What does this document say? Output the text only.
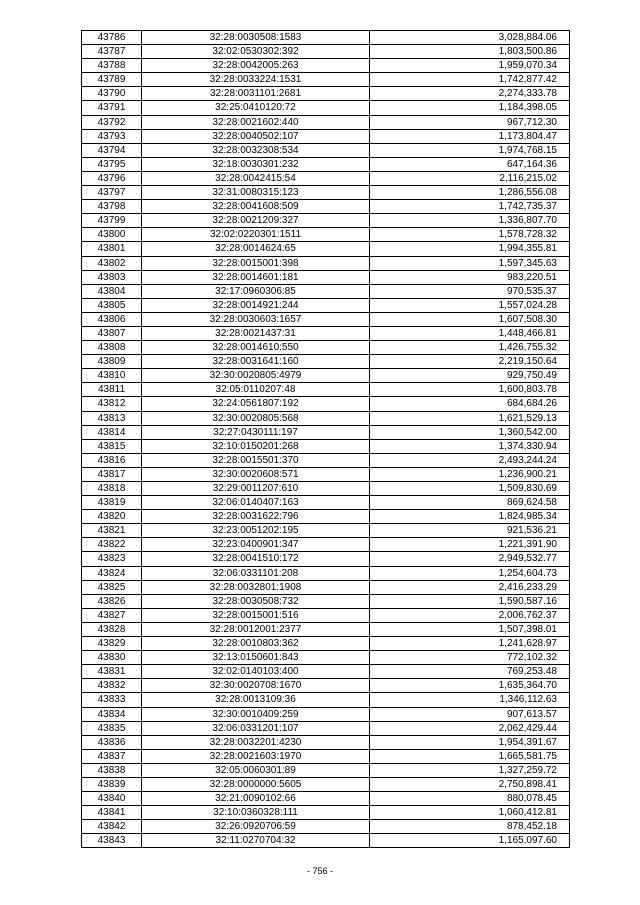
43786	32:28:0030508:1583	3,028,884.06
43787	32:02:0530302:392	1,803,500.86
43788	32:28:0042005:263	1,959,070.34
43789	32:28:0033224:1531	1,742,877.42
43790	32:28:0031101:2681	2,274,333.78
43791	32:25:0410120:72	1,184,398.05
43792	32:28:0021602:440	967,712.30
43793	32:28:0040502:107	1,173,804.47
43794	32:28:0032308:534	1,974,768.15
43795	32:18:0030301:232	647,164.36
43796	32:28:0042415:54	2,116,215.02
43797	32:31:0080315:123	1,286,556.08
43798	32:28:0041608:509	1,742,735.37
43799	32:28:0021209:327	1,336,807.70
43800	32:02:0220301:1511	1,578,728.32
43801	32:28:0014624:65	1,994,355.81
43802	32:28:0015001:398	1,597,345.63
43803	32:28:0014601:181	983,220.51
43804	32:17:0960306:85	970,535.37
43805	32:28:0014921:244	1,557,024.28
43806	32:28:0030603:1657	1,607,508.30
43807	32:28:0021437:31	1,448,466.81
43808	32:28:0014610:550	1,426,755.32
43809	32:28:0031641:160	2,219,150.64
43810	32:30:0020805:4979	929,750.49
43811	32:05:0110207:48	1,600,803.78
43812	32:24:0561807:192	684,684.26
43813	32:30:0020805:568	1,621,529.13
43814	32:27:0430111:197	1,360,542.00
43815	32:10:0150201:268	1,374,330.94
43816	32:28:0015501:370	2,493,244.24
43817	32:30:0020608:571	1,236,900.21
43818	32:29:0011207:610	1,509,830.69
43819	32:06:0140407:163	869,624.58
43820	32:28:0031622:796	1,824,985.34
43821	32:23:0051202:195	921,536.21
43822	32:23:0400901:347	1,221,391.90
43823	32:28:0041510:172	2,949,532.77
43824	32:06:0331101:208	1,254,604.73
43825	32:28:0032801:1908	2,416,233.29
43826	32:28:0030508:732	1,590,587.16
43827	32:28:0015001:516	2,006,762.37
43828	32:28:0012001:2377	1,507,398.01
43829	32:28:0010803:362	1,241,628.97
43830	32:13:0150601:843	772,102.32
43831	32:02:0140103:400	769,253.48
43832	32:30:0020708:1670	1,635,364.70
43833	32:28:0013109:36	1,346,112.63
43834	32:30:0010409:259	907,613.57
43835	32:06:0331201:107	2,062,429.44
43836	32:28:0032201:4230	1,954,391.67
43837	32:28:0021603:1970	1,665,581.75
43838	32:05:0060301:89	1,327,259.72
43839	32:28:0000000:5605	2,750,898.41
43840	32:21:0090102:66	880,078.45
43841	32:10:0360328:111	1,060,412.81
43842	32:26:0920706:59	878,452.18
43843	32:11:0270704:32	1,165,097.60
- 756 -
